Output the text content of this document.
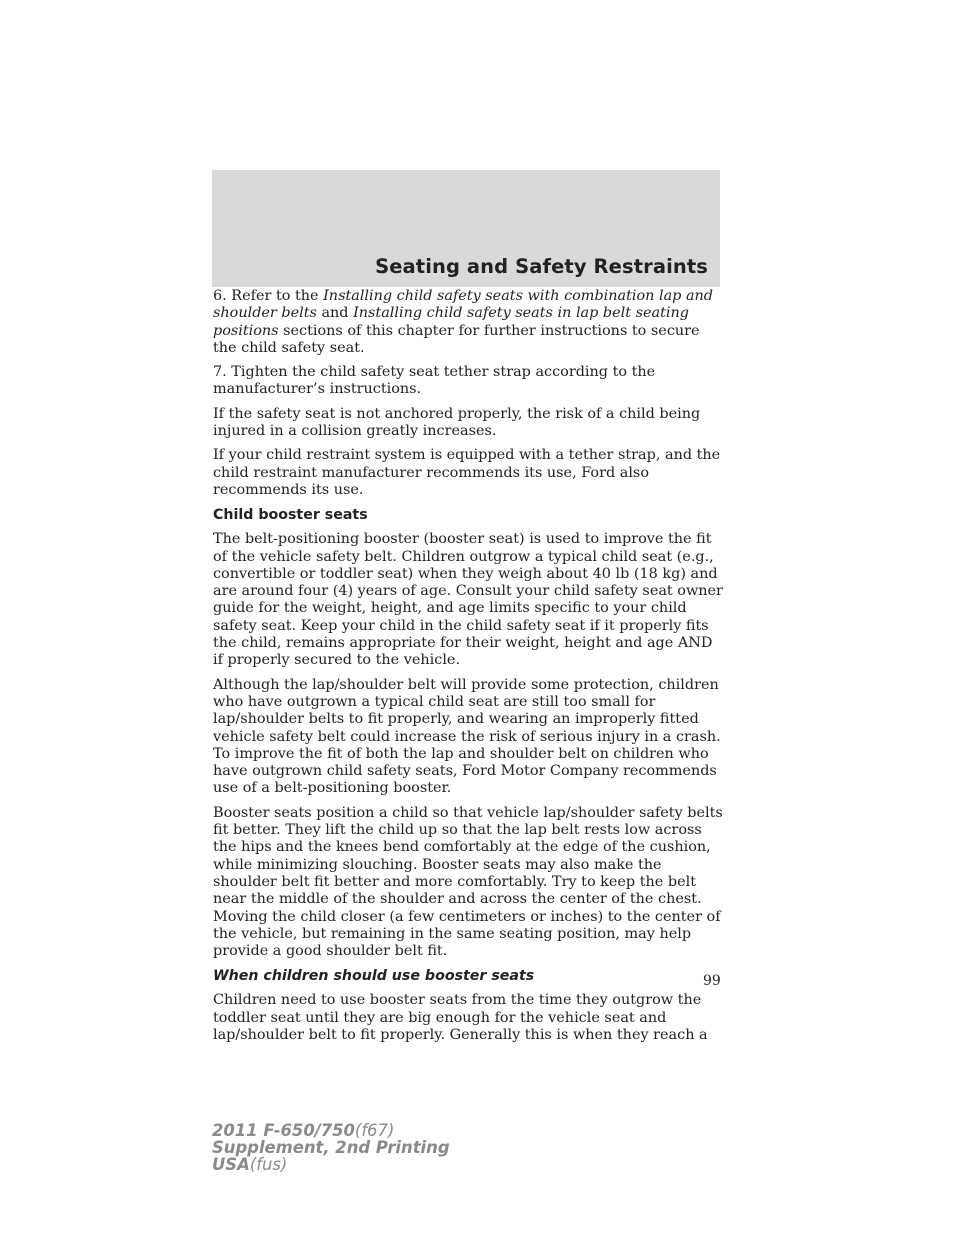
Seating and Safety Restraints

6. Refer to the Installing child safety seats with combination lap and shoulder belts and Installing child safety seats in lap belt seating positions sections of this chapter for further instructions to secure the child safety seat.

7. Tighten the child safety seat tether strap according to the manufacturer’s instructions.

If the safety seat is not anchored properly, the risk of a child being injured in a collision greatly increases.

If your child restraint system is equipped with a tether strap, and the child restraint manufacturer recommends its use, Ford also recommends its use.

Child booster seats

The belt-positioning booster (booster seat) is used to improve the fit of the vehicle safety belt. Children outgrow a typical child seat (e.g., convertible or toddler seat) when they weigh about 40 lb (18 kg) and are around four (4) years of age. Consult your child safety seat owner guide for the weight, height, and age limits specific to your child safety seat. Keep your child in the child safety seat if it properly fits the child, remains appropriate for their weight, height and age AND if properly secured to the vehicle.

Although the lap/shoulder belt will provide some protection, children who have outgrown a typical child seat are still too small for lap/shoulder belts to fit properly, and wearing an improperly fitted vehicle safety belt could increase the risk of serious injury in a crash. To improve the fit of both the lap and shoulder belt on children who have outgrown child safety seats, Ford Motor Company recommends use of a belt-positioning booster.

Booster seats position a child so that vehicle lap/shoulder safety belts fit better. They lift the child up so that the lap belt rests low across the hips and the knees bend comfortably at the edge of the cushion, while minimizing slouching. Booster seats may also make the shoulder belt fit better and more comfortably. Try to keep the belt near the middle of the shoulder and across the center of the chest. Moving the child closer (a few centimeters or inches) to the center of the vehicle, but remaining in the same seating position, may help provide a good shoulder belt fit.

When children should use booster seats

Children need to use booster seats from the time they outgrow the toddler seat until they are big enough for the vehicle seat and lap/shoulder belt to fit properly. Generally this is when they reach a

99
2011 F-650/750(f67)
Supplement, 2nd Printing
USA(fus)
